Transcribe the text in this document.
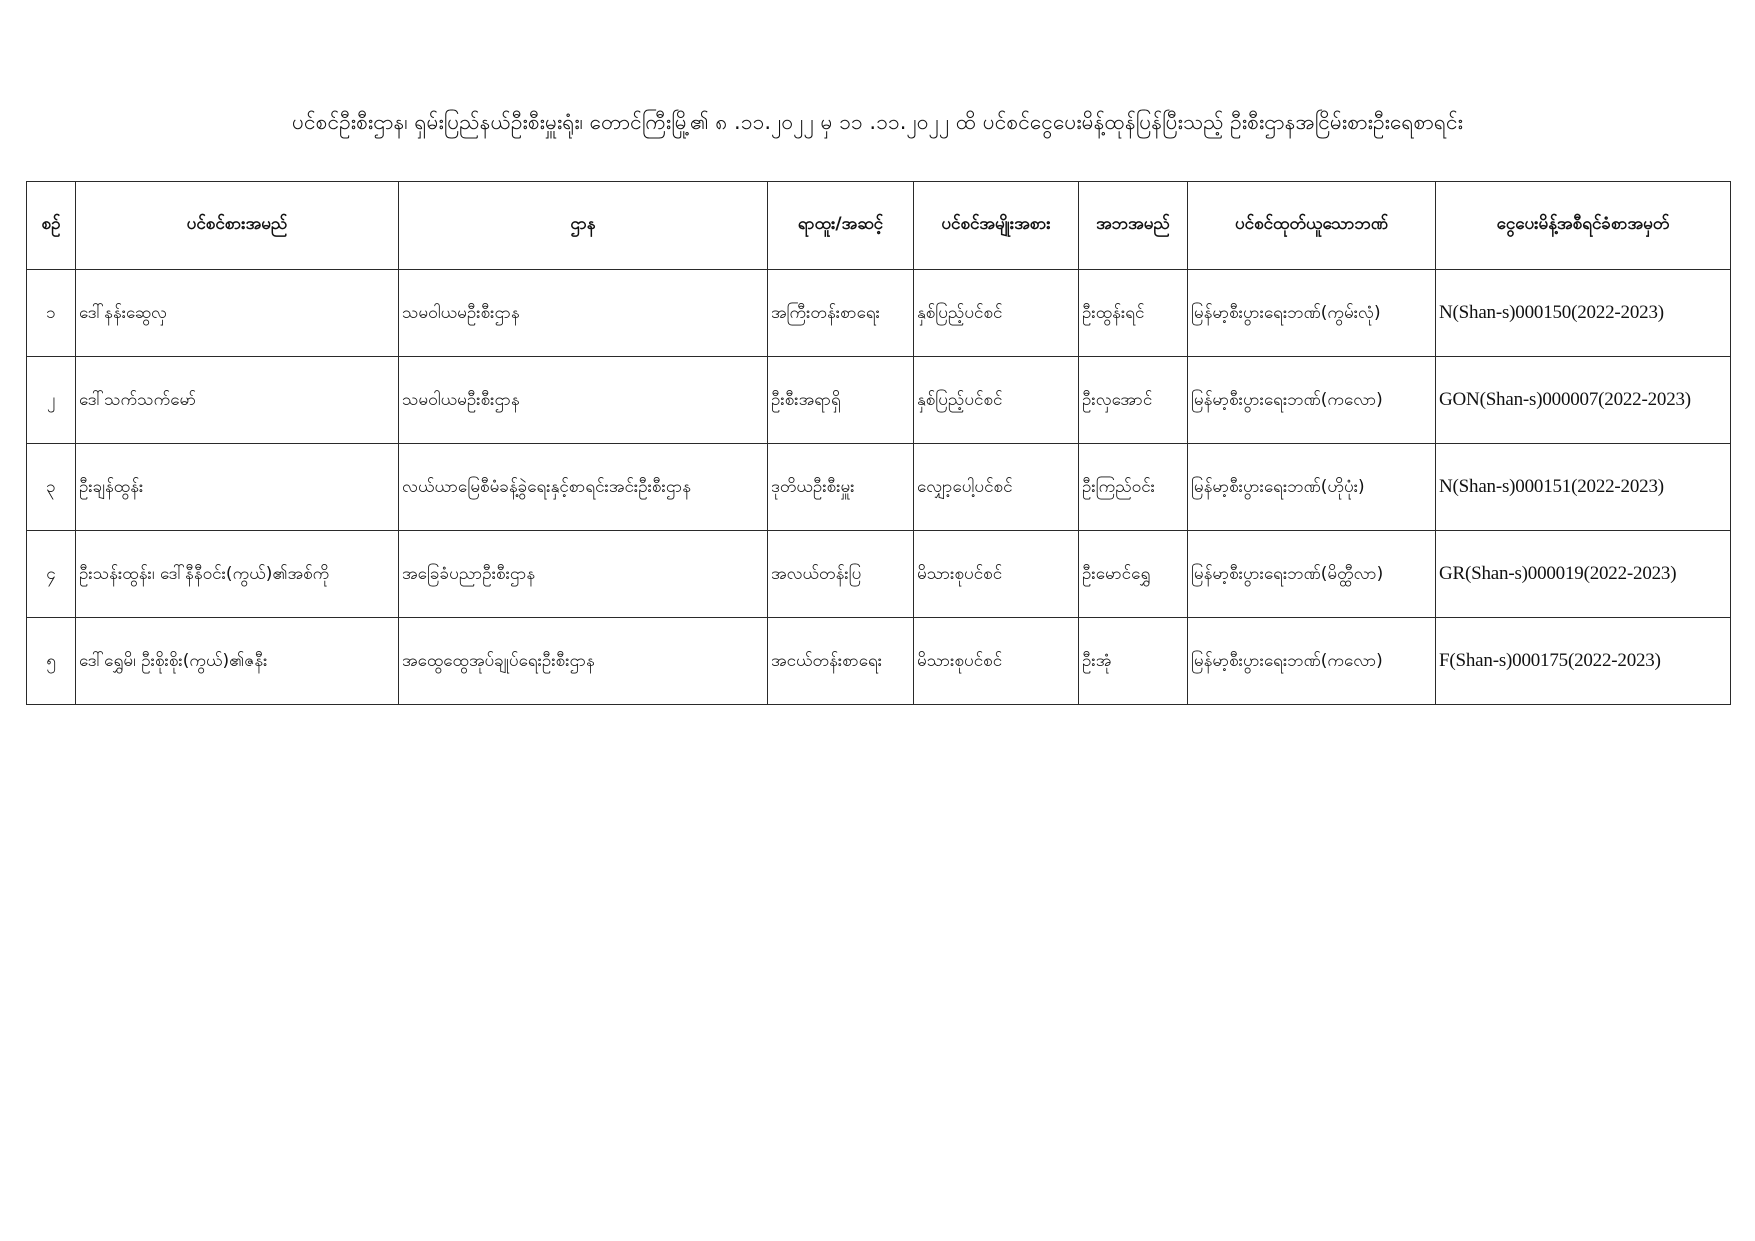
ပင်စင်ဦးစီးဌာန၊ ရှမ်းပြည်နယ်ဦးစီးမှူးရုံး၊ တောင်ကြီးမြို့၏ ၈ .၁၁.၂၀၂၂ မှ ၁၁ .၁၁.၂၀၂၂ ထိ ပင်စင်ငွေပေးမိန့်ထုန်ပြန်ပြီးသည့် ဦးစီးဌာနအငြိမ်းစားဦးရေစာရင်း
စဉ်	ပင်စင်စားအမည်	ဌာန	ရာထူး/အဆင့်	ပင်စင်အမျိုးအစား	အဘအမည်	ပင်စင်ထုတ်ယူသောဘဏ်	ငွေပေးမိန့်အစီရင်ခံစာအမှတ်
၁	ဒေါ်နန်းဆွေလှ	သမဝါယမဦးစီးဌာန	အကြီးတန်းစာရေး	နှစ်ပြည့်ပင်စင်	ဦးထွန်းရင်	မြန်မာ့စီးပွားရေးဘဏ်(ကွမ်းလုံ)	N(Shan-s)000150(2022-2023)
၂	ဒေါ်သက်သက်မော်	သမဝါယမဦးစီးဌာန	ဦးစီးအရာရှိ	နှစ်ပြည့်ပင်စင်	ဦးလှအောင်	မြန်မာ့စီးပွားရေးဘဏ်(ကလော)	GON(Shan-s)000007(2022-2023)
၃	ဦးချန်ထွန်း	လယ်ယာမြေစီမံခန့်ခွဲရေးနှင့်စာရင်းအင်းဦးစီးဌာန	ဒုတိယဦးစီးမှူး	လျှော့ပေါ့ပင်စင်	ဦးကြည်ဝင်း	မြန်မာ့စီးပွားရေးဘဏ်(ဟိုပုံး)	N(Shan-s)000151(2022-2023)
၄	ဦးသန်းထွန်း၊ ဒေါ်နီနီဝင်း(ကွယ်)၏အစ်ကို	အခြေခံပညာဦးစီးဌာန	အလယ်တန်းပြ	မိသားစုပင်စင်	ဦးမောင်ရွှေ	မြန်မာ့စီးပွားရေးဘဏ်(မိတ္ထီလာ)	GR(Shan-s)000019(2022-2023)
၅	ဒေါ်ရွှေမိ၊ ဦးစိုးစိုး(ကွယ်)၏ဇနီး	အထွေထွေအုပ်ချုပ်ရေးဦးစီးဌာန	အငယ်တန်းစာရေး	မိသားစုပင်စင်	ဦးအုံ	မြန်မာ့စီးပွားရေးဘဏ်(ကလော)	F(Shan-s)000175(2022-2023)
